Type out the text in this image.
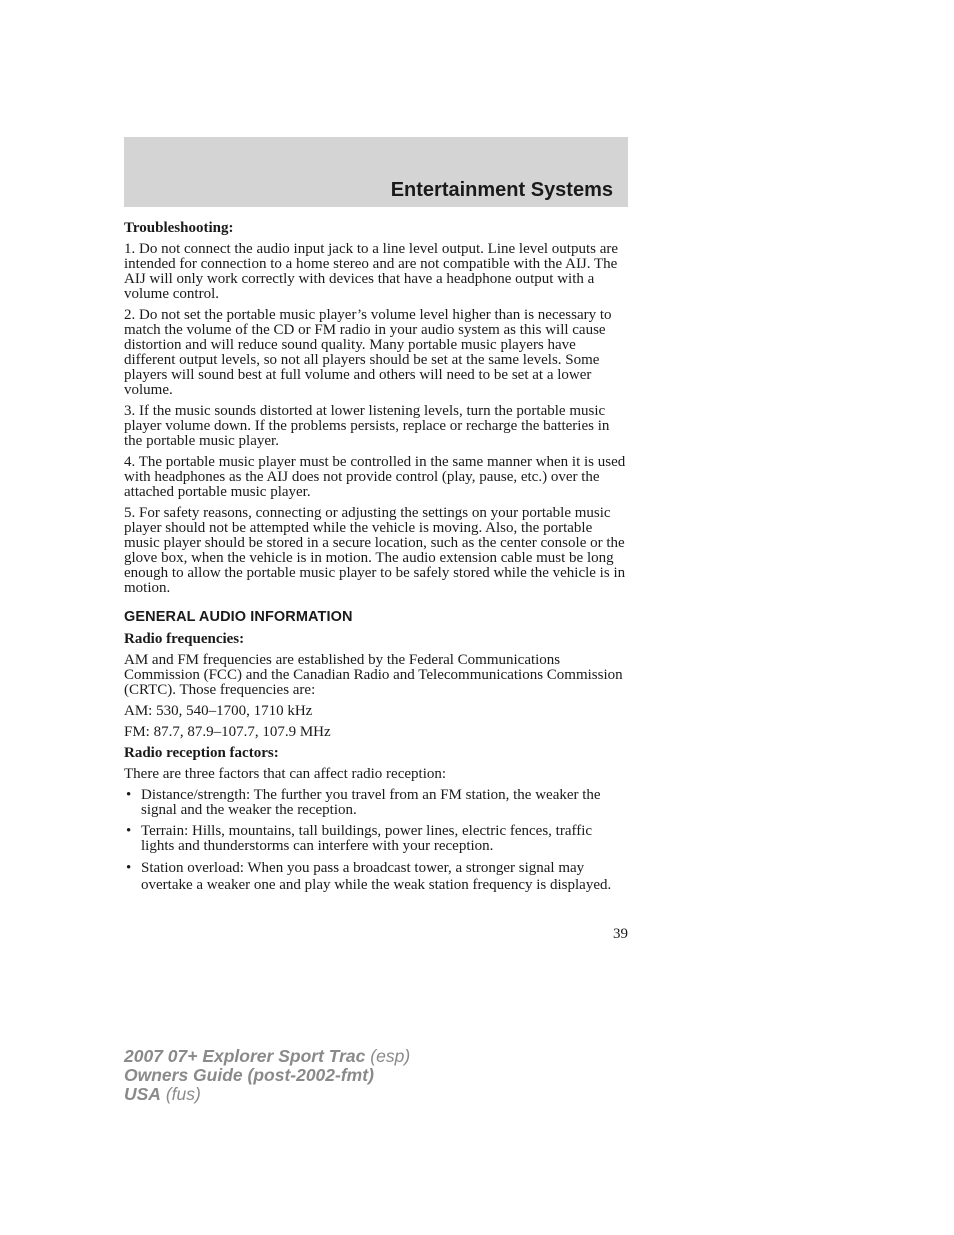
Entertainment Systems

Troubleshooting:

1. Do not connect the audio input jack to a line level output. Line level outputs are intended for connection to a home stereo and are not compatible with the AIJ. The AIJ will only work correctly with devices that have a headphone output with a volume control.

2. Do not set the portable music player’s volume level higher than is necessary to match the volume of the CD or FM radio in your audio system as this will cause distortion and will reduce sound quality. Many portable music players have different output levels, so not all players should be set at the same levels. Some players will sound best at full volume and others will need to be set at a lower volume.

3. If the music sounds distorted at lower listening levels, turn the portable music player volume down. If the problems persists, replace or recharge the batteries in the portable music player.

4. The portable music player must be controlled in the same manner when it is used with headphones as the AIJ does not provide control (play, pause, etc.) over the attached portable music player.

5. For safety reasons, connecting or adjusting the settings on your portable music player should not be attempted while the vehicle is moving. Also, the portable music player should be stored in a secure location, such as the center console or the glove box, when the vehicle is in motion. The audio extension cable must be long enough to allow the portable music player to be safely stored while the vehicle is in motion.

GENERAL AUDIO INFORMATION

Radio frequencies:

AM and FM frequencies are established by the Federal Communications Commission (FCC) and the Canadian Radio and Telecommunications Commission (CRTC). Those frequencies are:

AM: 530, 540–1700, 1710 kHz

FM: 87.7, 87.9–107.7, 107.9 MHz

Radio reception factors:

There are three factors that can affect radio reception:

• Distance/strength: The further you travel from an FM station, the weaker the signal and the weaker the reception.
• Terrain: Hills, mountains, tall buildings, power lines, electric fences, traffic lights and thunderstorms can interfere with your reception.
• Station overload: When you pass a broadcast tower, a stronger signal may overtake a weaker one and play while the weak station frequency is displayed.
39
2007 07+ Explorer Sport Trac (esp)
Owners Guide (post-2002-fmt)
USA (fus)
